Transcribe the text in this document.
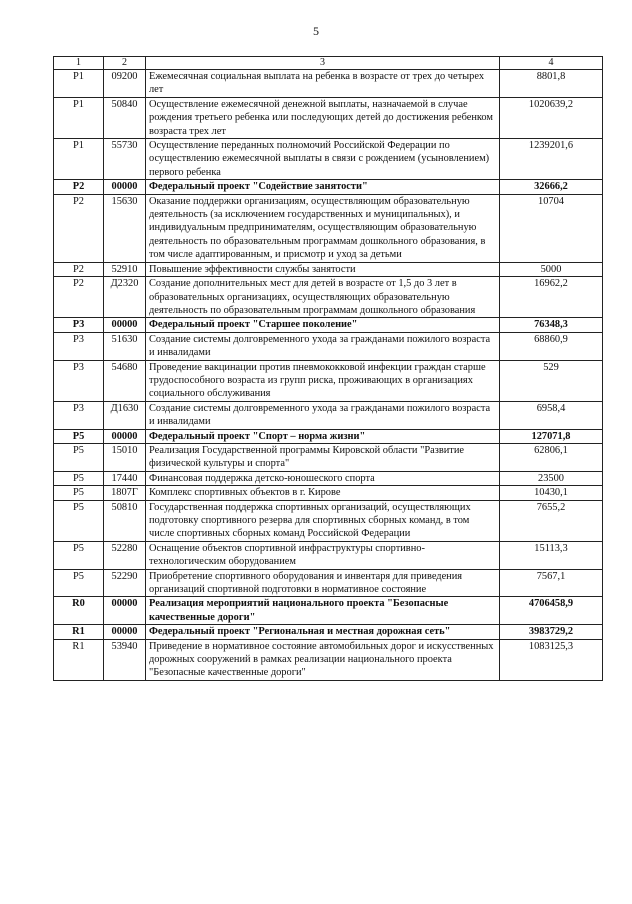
5
1	2	3	4
Р1	09200	Ежемесячная социальная выплата на ребенка в возрасте от трех до четырех лет	8801,8
Р1	50840	Осуществление ежемесячной денежной выплаты, назначаемой в случае рождения третьего ребенка или последующих детей до достижения ребенком возраста трех лет	1020639,2
Р1	55730	Осуществление переданных полномочий Российской Федерации по осуществлению ежемесячной выплаты в связи с рождением (усыновлением) первого ребенка	1239201,6
Р2	00000	Федеральный проект "Содействие занятости"	32666,2
Р2	15630	Оказание поддержки организациям, осуществляющим образовательную деятельность (за исключением государственных и муниципальных), и индивидуальным предпринимателям, осуществляющим образовательную деятельность по образовательным программам дошкольного образования, в том числе адаптированным, и присмотр и уход за детьми	10704
Р2	52910	Повышение эффективности службы занятости	5000
Р2	Д2320	Создание дополнительных мест для детей в возрасте от 1,5 до 3 лет в образовательных организациях, осуществляющих образовательную деятельность по образовательным программам дошкольного образования	16962,2
Р3	00000	Федеральный проект "Старшее поколение"	76348,3
Р3	51630	Создание системы долговременного ухода за гражданами пожилого возраста и инвалидами	68860,9
Р3	54680	Проведение вакцинации против пневмококковой инфекции граждан старше трудоспособного возраста из групп риска, проживающих в организациях социального обслуживания	529
Р3	Д1630	Создание системы долговременного ухода за гражданами пожилого возраста и инвалидами	6958,4
Р5	00000	Федеральный проект "Спорт – норма жизни"	127071,8
Р5	15010	Реализация Государственной программы Кировской области "Развитие физической культуры и спорта"	62806,1
Р5	17440	Финансовая поддержка детско-юношеского спорта	23500
Р5	1807Г	Комплекс спортивных объектов в г. Кирове	10430,1
Р5	50810	Государственная поддержка спортивных организаций, осуществляющих подготовку спортивного резерва для спортивных сборных команд, в том числе спортивных сборных команд Российской Федерации	7655,2
Р5	52280	Оснащение объектов спортивной инфраструктуры спортивно-технологическим оборудованием	15113,3
Р5	52290	Приобретение спортивного оборудования и инвентаря для приведения организаций спортивной подготовки в нормативное состояние	7567,1
R0	00000	Реализация мероприятий национального проекта "Безопасные качественные дороги"	4706458,9
R1	00000	Федеральный проект "Региональная и местная дорожная сеть"	3983729,2
R1	53940	Приведение в нормативное состояние автомобильных дорог и искусственных дорожных сооружений в рамках реализации национального проекта "Безопасные качественные дороги"	1083125,3
